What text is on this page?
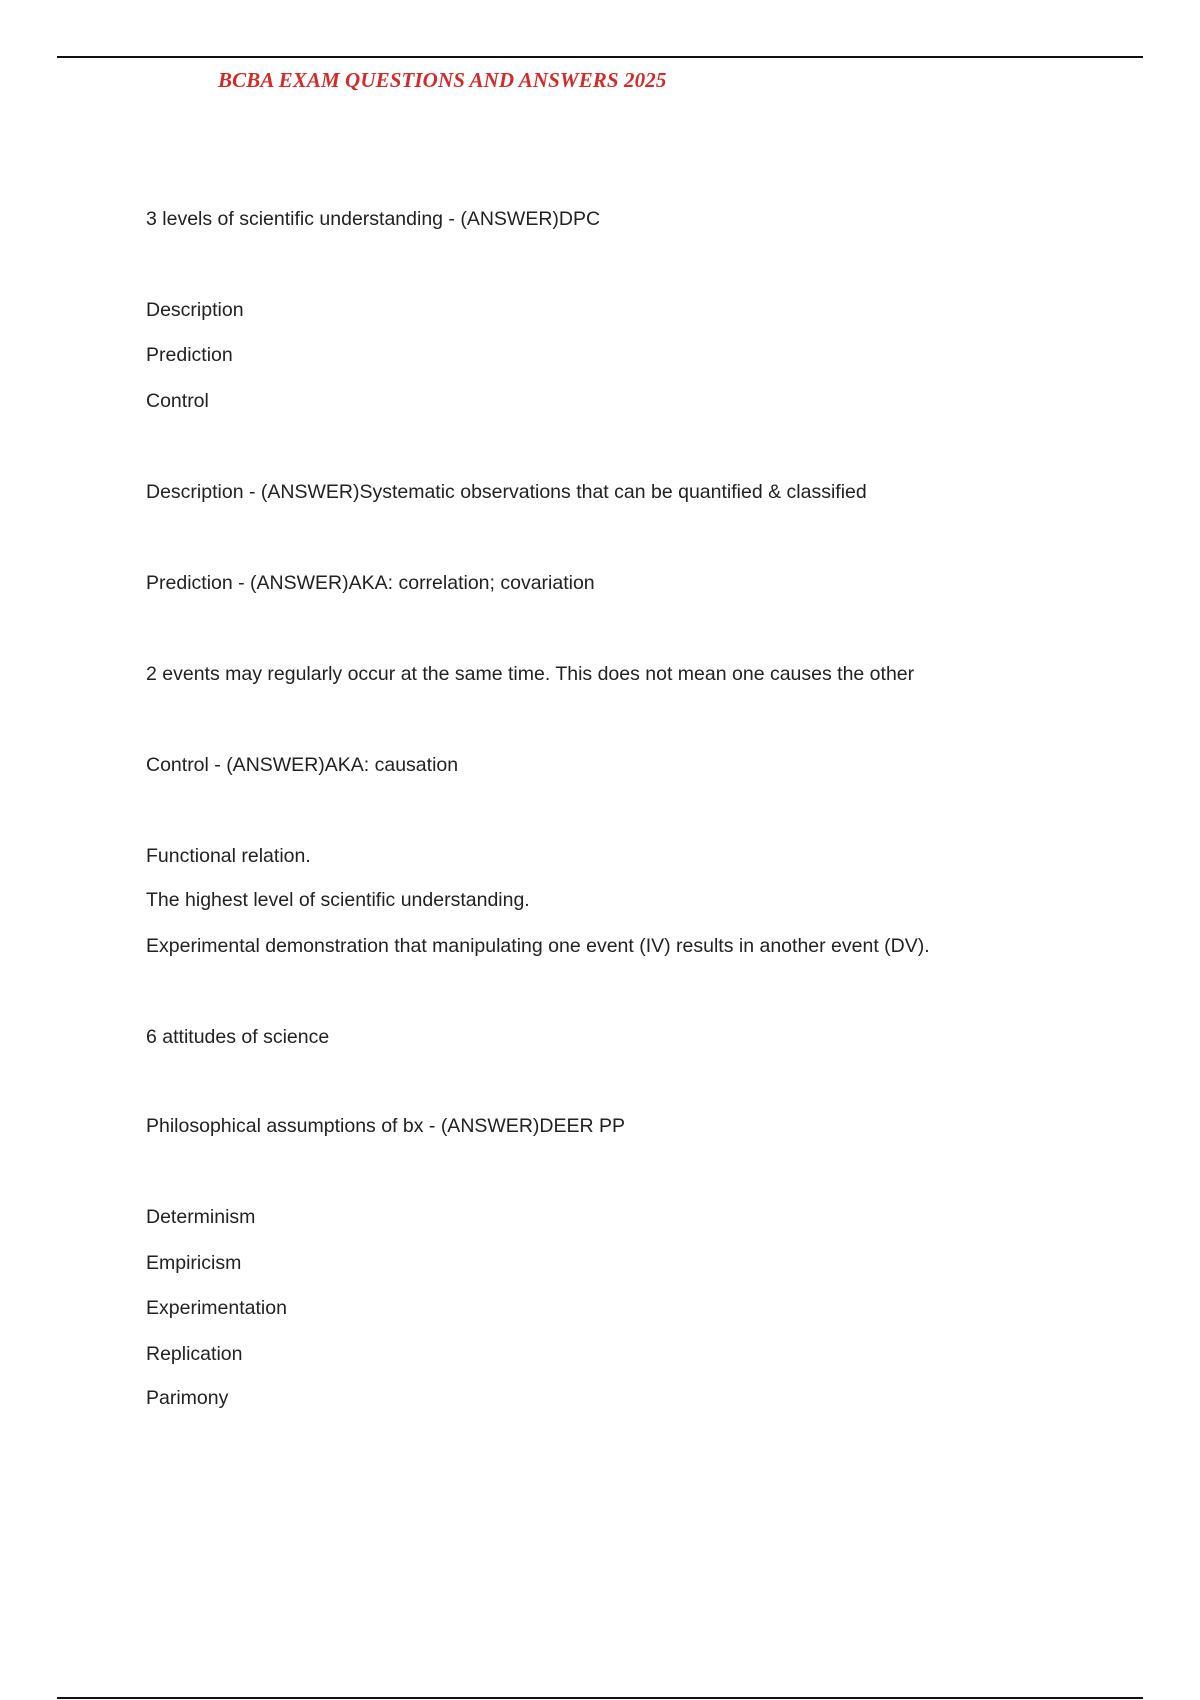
BCBA EXAM QUESTIONS AND ANSWERS 2025

3 levels of scientific understanding - (ANSWER)DPC

Description

Prediction

Control

Description - (ANSWER)Systematic observations that can be quantified & classified

Prediction - (ANSWER)AKA: correlation; covariation

2 events may regularly occur at the same time. This does not mean one causes the other

Control - (ANSWER)AKA: causation

Functional relation.

The highest level of scientific understanding.

Experimental demonstration that manipulating one event (IV) results in another event (DV).

6 attitudes of science

Philosophical assumptions of bx - (ANSWER)DEER PP

Determinism

Empiricism

Experimentation

Replication

Parimony
